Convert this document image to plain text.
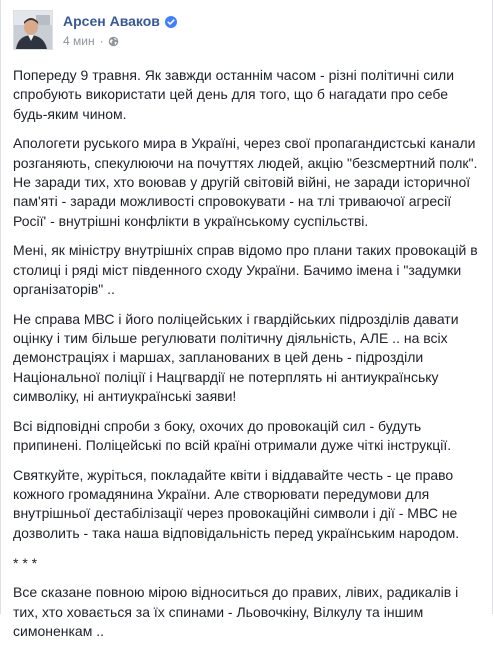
Арсен Аваков
4 мин ·

Попереду 9 травня. Як завжди останнім часом - різні політичні сили
спробують використати цей день для того, що б нагадати про себе
будь-яким чином.

Апологети руського мира в Україні, через свої пропагандистські канали
розганяють, спекулюючи на почуттях людей, акцію "безсмертний полк".
Не заради тих, хто воював у другій світовій війні, не заради історичної
пам'яті - заради можливості спровокувати - на тлі триваючої агресії
Росії' - внутрішні конфлікти в українському суспільстві.

Мені, як міністру внутрішніх справ відомо про плани таких провокацій в
столиці і ряді міст південного сходу України. Бачимо імена і "задумки
організаторів" ..

Не справа МВС і його поліцейських і гвардійських підрозділів давати
оцінку і тим більше регулювати політичну діяльність, АЛЕ .. на всіх
демонстраціях і маршах, запланованих в цей день - підрозділи
Національної поліції і Нацгвардії не потерплять ні антиукраїнську
символіку, ні антиукраїнські заяви!

Всі відповідні спроби з боку, охочих до провокацій сил - будуть
припинені. Поліцейські по всій країні отримали дуже чіткі інструкції.

Святкуйте, журіться, покладайте квіти і віддавайте честь - це право
кожного громадянина України. Але створювати передумови для
внутрішньої дестабілізації через провокаційні символи і дії - МВС не
дозволить - така наша відповідальність перед українським народом.

* * *

Все сказане повною мірою відноситься до правих, лівих, радикалів і
тих, хто ховається за їх спинами - Льовочкіну, Вілкулу та іншим
симоненкам ..
